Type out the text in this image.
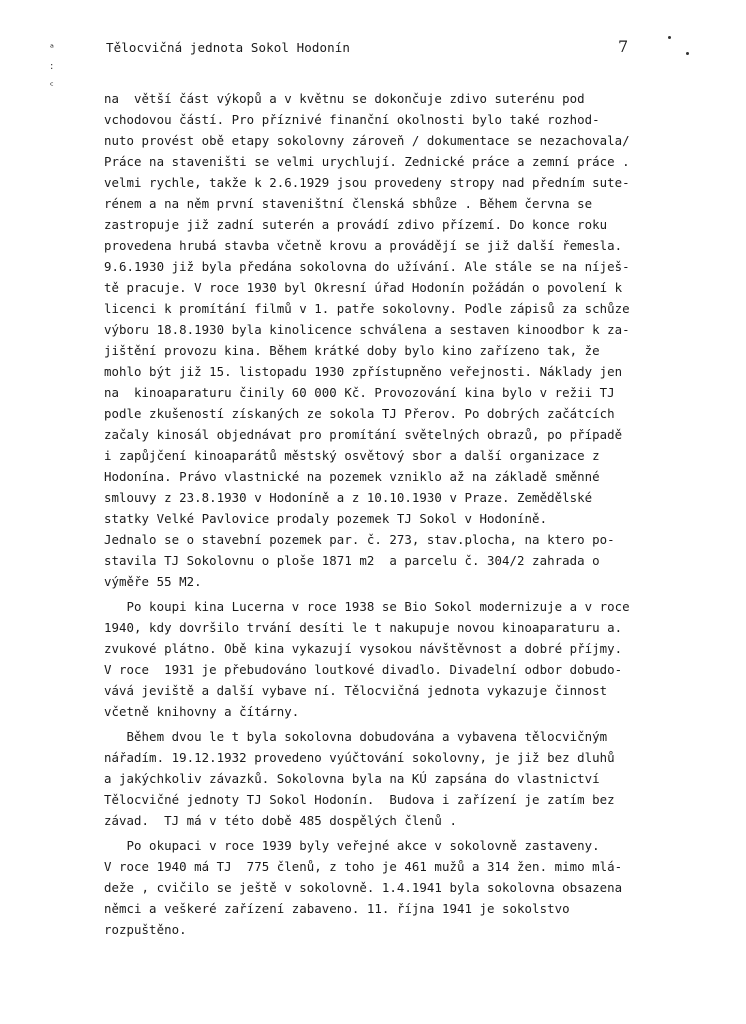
ᵃ
:
ᶜ
Tělocvičná jednota Sokol Hodonín	7
na  větší část výkopů a v květnu se dokončuje zdivo suterénu pod
vchodovou částí. Pro příznivé finanční okolnosti bylo také rozhod-
nuto provést obě etapy sokolovny zároveň / dokumentace se nezachovala/
Práce na staveništi se velmi urychlují. Zednické práce a zemní práce .
velmi rychle, takže k 2.6.1929 jsou provedeny stropy nad předním sute-
rénem a na něm první staveništní členská sbhůze . Během června se
zastropuje již zadní suterén a provádí zdivo přízemí. Do konce roku
provedena hrubá stavba včetně krovu a provádějí se již další řemesla.
9.6.1930 již byla předána sokolovna do užívání. Ale stále se na níješ-
tě pracuje. V roce 1930 byl Okresní úřad Hodonín požádán o povolení k
licenci k promítání filmů v 1. patře sokolovny. Podle zápisů za schůze
výboru 18.8.1930 byla kinolicence schválena a sestaven kinoodbor k za-
jištění provozu kina. Během krátké doby bylo kino zařízeno tak, že
mohlo být již 15. listopadu 1930 zpřístupněno veřejnosti. Náklady jen
na  kinoaparaturu činily 60 000 Kč. Provozování kina bylo v režii TJ
podle zkušeností získaných ze sokola TJ Přerov. Po dobrých začátcích
začaly kinosál objednávat pro promítání světelných obrazů, po případě
i zapůjčení kinoaparátů městský osvětový sbor a další organizace z
Hodonína. Právo vlastnické na pozemek vzniklo až na základě směnné
smlouvy z 23.8.1930 v Hodoníně a z 10.10.1930 v Praze. Zemědělské
statky Velké Pavlovice prodaly pozemek TJ Sokol v Hodoníně.
Jednalo se o stavební pozemek par. č. 273, stav.plocha, na ktero po-
stavila TJ Sokolovnu o ploše 1871 m2  a parcelu č. 304/2 zahrada o
výměře 55 M2.
Po koupi kina Lucerna v roce 1938 se Bio Sokol modernizuje a v roce
1940, kdy dovršilo trvání desíti le t nakupuje novou kinoaparaturu a.
zvukové plátno. Obě kina vykazují vysokou návštěvnost a dobré příjmy.
V roce  1931 je přebudováno loutkové divadlo. Divadelní odbor dobudo-
vává jeviště a další vybave ní. Tělocvičná jednota vykazuje činnost
včetně knihovny a čítárny.
Během dvou le t byla sokolovna dobudována a vybavena tělocvičným
nářadím. 19.12.1932 provedeno vyúčtování sokolovny, je již bez dluhů
a jakýchkoliv závazků. Sokolovna byla na KÚ zapsána do vlastnictví
Tělocvičné jednoty TJ Sokol Hodonín.  Budova i zařízení je zatím bez
závad.  TJ má v této době 485 dospělých členů .
Po okupaci v roce 1939 byly veřejné akce v sokolovně zastaveny.
V roce 1940 má TJ  775 členů, z toho je 461 mužů a 314 žen. mimo mlá-
deže , cvičilo se ještě v sokolovně. 1.4.1941 byla sokolovna obsazena
němci a veškeré zařízení zabaveno. 11. října 1941 je sokolstvo
rozpuštěno.
